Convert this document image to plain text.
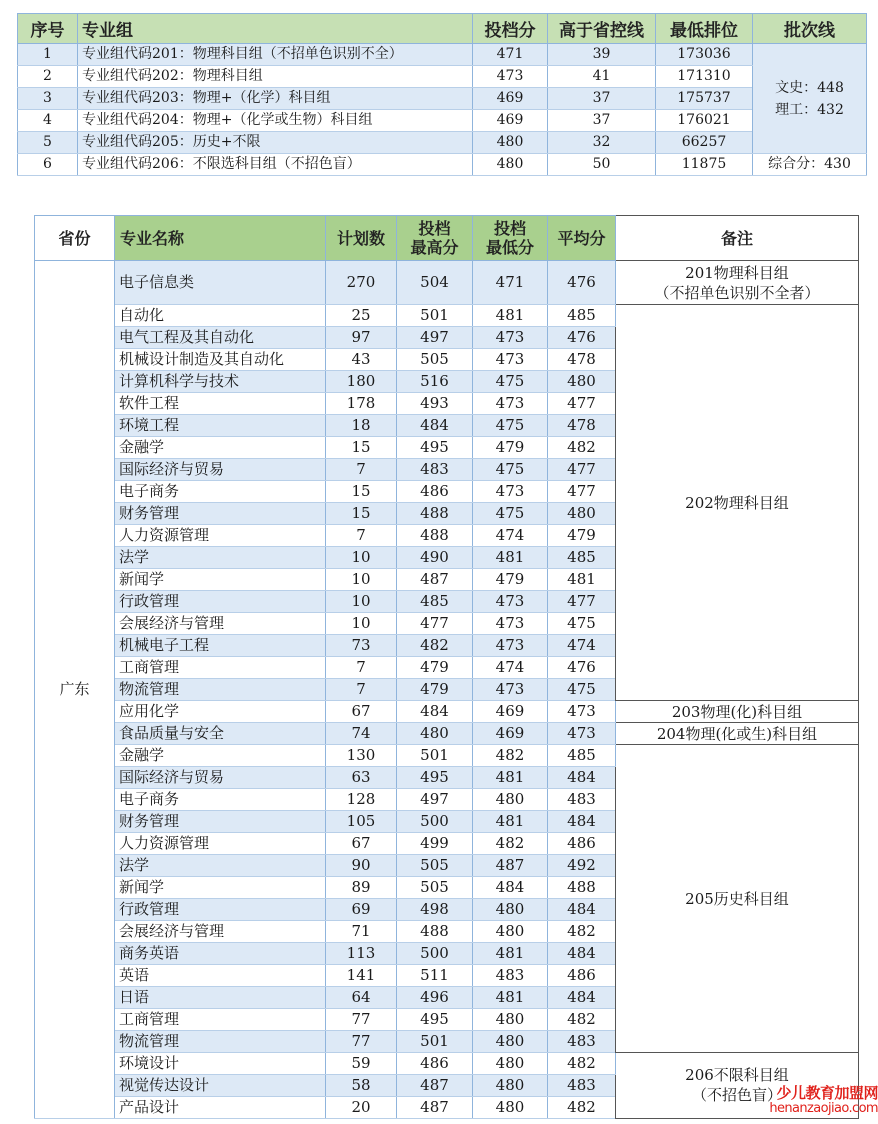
序号	专业组	投档分	高于省控线	最低排位	批次线
1	专业组代码201：物理科目组（不招单色识别不全）	471	39	173036	文史：448
理工：432

2	专业组代码202：物理科目组	473	41	171310	
3	专业组代码203：物理+（化学）科目组	469	37	175737	
4	专业组代码204：物理+（化学或生物）科目组	469	37	176021	
5	专业组代码205：历史+不限	480	32	66257	
6	专业组代码206：不限选科目组（不招色盲）	480	50	11875	综合分：430
省份	专业名称	计划数	投档
最高分

投档
最低分	平均分	备注
广东	电子信息类	270	504	471	476	201物理科目组
（不招单色识别不全者）

	自动化	25	501	481	485	202物理科目组
	电气工程及其自动化	97	497	473	476	
	机械设计制造及其自动化	43	505	473	478	
	计算机科学与技术	180	516	475	480	
	软件工程	178	493	473	477	
	环境工程	18	484	475	478	
	金融学	15	495	479	482	
	国际经济与贸易	7	483	475	477	
	电子商务	15	486	473	477	
	财务管理	15	488	475	480	
	人力资源管理	7	488	474	479	
	法学	10	490	481	485	
	新闻学	10	487	479	481	
	行政管理	10	485	473	477	
	会展经济与管理	10	477	473	475	
	机械电子工程	73	482	473	474	
	工商管理	7	479	474	476	
	物流管理	7	479	473	475	
	应用化学	67	484	469	473	203物理(化)科目组
	食品质量与安全	74	480	469	473	204物理(化或生)科目组
	金融学	130	501	482	485	205历史科目组
	国际经济与贸易	63	495	481	484	
	电子商务	128	497	480	483	
	财务管理	105	500	481	484	
	人力资源管理	67	499	482	486	
	法学	90	505	487	492	
	新闻学	89	505	484	488	
	行政管理	69	498	480	484	
	会展经济与管理	71	488	480	482	
	商务英语	113	500	481	484	
	英语	141	511	483	486	
	日语	64	496	481	484	
	工商管理	77	495	480	482	
	物流管理	77	501	480	483	
	环境设计	59	486	480	482	206不限科目组
（不招色盲）

	视觉传达设计	58	487	480	483	
	产品设计	20	487	480	482	
少儿教育加盟网
henanzaojiao.com
